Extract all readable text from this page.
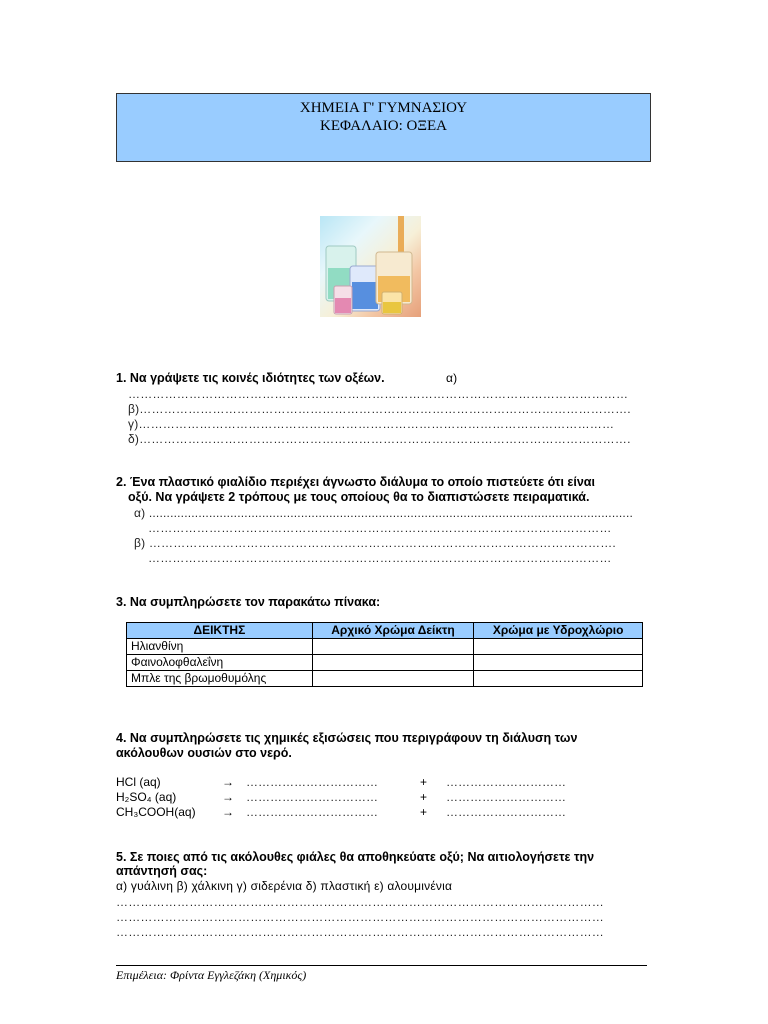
ΧΗΜΕΙΑ Γ' ΓΥΜΝΑΣΙΟΥ
ΚΕΦΑΛΑΙΟ: ΟΞΕΑ
1. Να γράψετε τις κοινές ιδιότητες των οξέων.	α)
……………………………………………………………………………………………………………
β)………………………………………………………………………………………………………….
γ)………………………………………………………………………………………………………
δ)………………………………………………………………………………………………………….
2. Ένα πλαστικό φιαλίδιο περιέχει άγνωστο διάλυμα το οποίο πιστεύετε ότι είναι
οξύ. Να γράψετε 2 τρόπους με τους οποίους θα το διαπιστώσετε πειραματικά.
α) .........................................................................................................................................
……………………………………………………………………………………………………
β) …………………………………………………………………………………………………….
……………………………………………………………………………………………………
3. Να συμπληρώσετε τον παρακάτω πίνακα:
ΔΕΙΚΤΗΣ	Αρχικό Χρώμα Δείκτη	Χρώμα με Υδροχλώριο
Ηλιανθίνη		
Φαινολοφθαλεΐνη		
Μπλε της βρωμοθυμόλης		
4. Να συμπληρώσετε τις χημικές εξισώσεις που περιγράφουν τη διάλυση των
ακόλουθων ουσιών στο νερό.
HCl (aq)	→ ……………………………	+ …………………………
H₂SO₄ (aq)	→ ……………………………	+ …………………………
CH₃COOH(aq) → ……………………………	+ …………………………
5. Σε ποιες από τις ακόλουθες φιάλες θα αποθηκεύατε οξύ; Να αιτιολογήσετε την
απάντησή σας:
α) γυάλινη β) χάλκινη γ) σιδερένια δ) πλαστική ε) αλουμινένια
…………………………………………………………………………………………………………
…………………………………………………………………………………………………………
…………………………………………………………………………………………………………
Επιμέλεια: Φρίντα Εγγλεζάκη (Χημικός)
